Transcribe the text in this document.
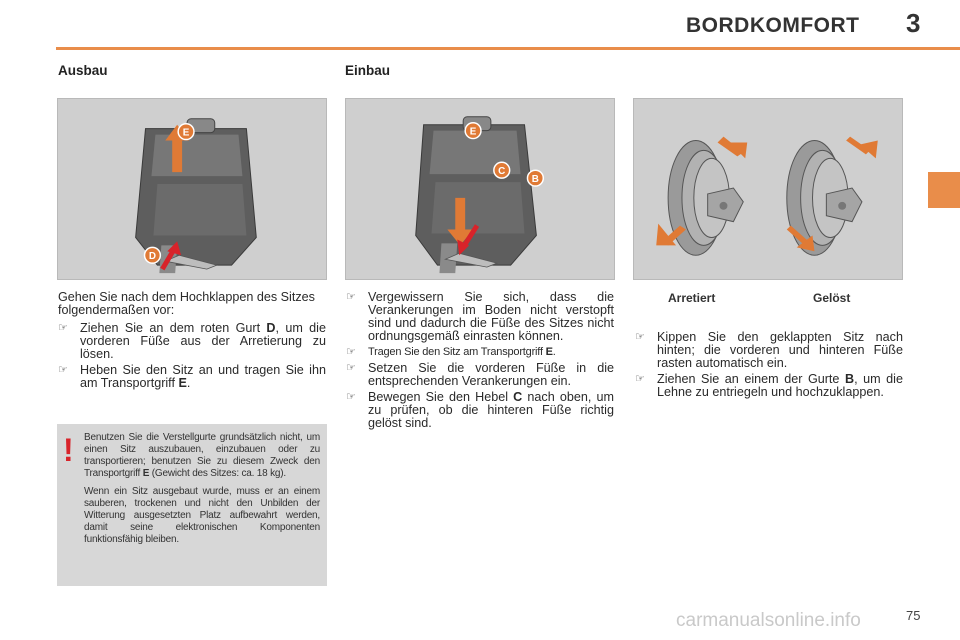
BORDKOMFORT 3
Ausbau	Einbau
E
D
E
C
B
Arretiert	Gelöst
Gehen Sie nach dem Hochklappen des Sitzes folgendermaßen vor:
☞ Ziehen Sie an dem roten Gurt D, um die vorderen Füße aus der Arretierung zu lösen.
☞ Heben Sie den Sitz an und tragen Sie ihn am Transportgriff E.
! Benutzen Sie die Verstellgurte grundsätzlich nicht, um einen Sitz auszubauen, einzubauen oder zu transportieren; benutzen Sie zu diesem Zweck den Transportgriff E (Gewicht des Sitzes: ca. 18 kg).

Wenn ein Sitz ausgebaut wurde, muss er an einem sauberen, trockenen und nicht den Unbilden der Witterung ausgesetzten Platz aufbewahrt werden, damit seine elektronischen Komponenten funktionsfähig bleiben.

☞ Vergewissern Sie sich, dass die Verankerungen im Boden nicht verstopft sind und dadurch die Füße des Sitzes nicht ordnungsgemäß einrasten können.
☞ Tragen Sie den Sitz am Transportgriff E.
☞ Setzen Sie die vorderen Füße in die entsprechenden Verankerungen ein.
☞ Bewegen Sie den Hebel C nach oben, um zu prüfen, ob die hinteren Füße richtig gelöst sind.
☞ Kippen Sie den geklappten Sitz nach hinten; die vorderen und hinteren Füße rasten automatisch ein.
☞ Ziehen Sie an einem der Gurte B, um die Lehne zu entriegeln und hochzuklappen.
carmanualsonline.info	75
